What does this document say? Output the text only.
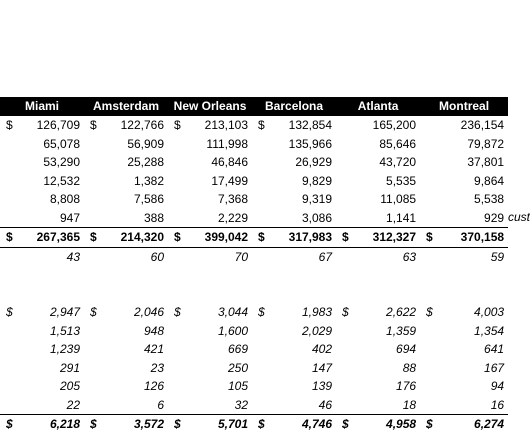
Miami		Amsterdam		New Orleans		Barcelona		Atlanta		Montreal	
$	126,709	$	122,766	$	213,103	$	132,854		165,200		236,154
	65,078		56,909		111,998		135,966		85,646		79,872
	53,290		25,288		46,846		26,929		43,720		37,801
	12,532		1,382		17,499		9,829		5,535		9,864
	8,808		7,586		7,368		9,319		11,085		5,538
	947		388		2,229		3,086		1,141		929
$	267,365	$	214,320	$	399,042	$	317,983	$	312,327	$	370,158
	43		60		70		67		63		59

$	2,947	$	2,046	$	3,044	$	1,983	$	2,622	$	4,003
	1,513		948		1,600		2,029		1,359		1,354
	1,239		421		669		402		694		641
	291		23		250		147		88		167
	205		126		105		139		176		94
	22		6		32		46		18		16
$	6,218	$	3,572	$	5,701	$	4,746	$	4,958	$	6,274
cust
